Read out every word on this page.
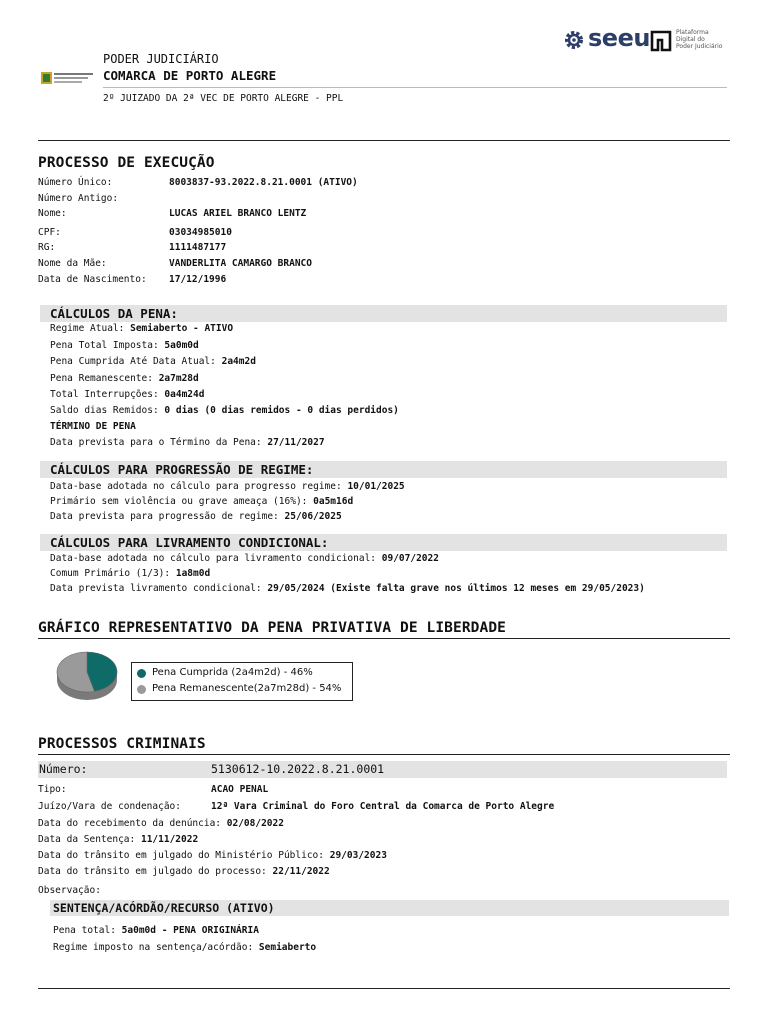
PODER JUDICIÁRIO
COMARCA DE PORTO ALEGRE
2º JUIZADO DA 2ª VEC DE PORTO ALEGRE - PPL
seeu	Plataforma
Digital do
Poder Judiciário
PROCESSO DE EXECUÇÃO
Número Único:	8003837-93.2022.8.21.0001 (ATIVO)
Número Antigo:
Nome:	LUCAS ARIEL BRANCO LENTZ
CPF:	03034985010
RG:	1111487177
Nome da Mãe:	VANDERLITA CAMARGO BRANCO
Data de Nascimento: 17/12/1996
CÁLCULOS DA PENA:
Regime Atual: Semiaberto - ATIVO
Pena Total Imposta: 5a0m0d
Pena Cumprida Até Data Atual: 2a4m2d
Pena Remanescente: 2a7m28d
Total Interrupções: 0a4m24d
Saldo dias Remidos: 0 dias (0 dias remidos - 0 dias perdidos)
TÉRMINO DE PENA
Data prevista para o Término da Pena: 27/11/2027
CÁLCULOS PARA PROGRESSÃO DE REGIME:
Data-base adotada no cálculo para progresso regime: 10/01/2025
Primário sem violência ou grave ameaça (16%): 0a5m16d
Data prevista para progressão de regime: 25/06/2025
CÁLCULOS PARA LIVRAMENTO CONDICIONAL:
Data-base adotada no cálculo para livramento condicional: 09/07/2022
Comum Primário (1/3): 1a8m0d
Data prevista livramento condicional: 29/05/2024 (Existe falta grave nos últimos 12 meses em 29/05/2023)
GRÁFICO REPRESENTATIVO DA PENA PRIVATIVA DE LIBERDADE
Pena Cumprida (2a4m2d) - 46%
Pena Remanescente(2a7m28d) - 54%
PROCESSOS CRIMINAIS
Número:	5130612-10.2022.8.21.0001
Tipo:	ACAO PENAL
Juízo/Vara de condenação:	12ª Vara Criminal do Foro Central da Comarca de Porto Alegre
Data do recebimento da denúncia: 02/08/2022
Data da Sentença: 11/11/2022
Data do trânsito em julgado do Ministério Público: 29/03/2023
Data do trânsito em julgado do processo: 22/11/2022
Observação:
SENTENÇA/ACÓRDÃO/RECURSO (ATIVO)
Pena total: 5a0m0d - PENA ORIGINÁRIA
Regime imposto na sentença/acórdão: Semiaberto
